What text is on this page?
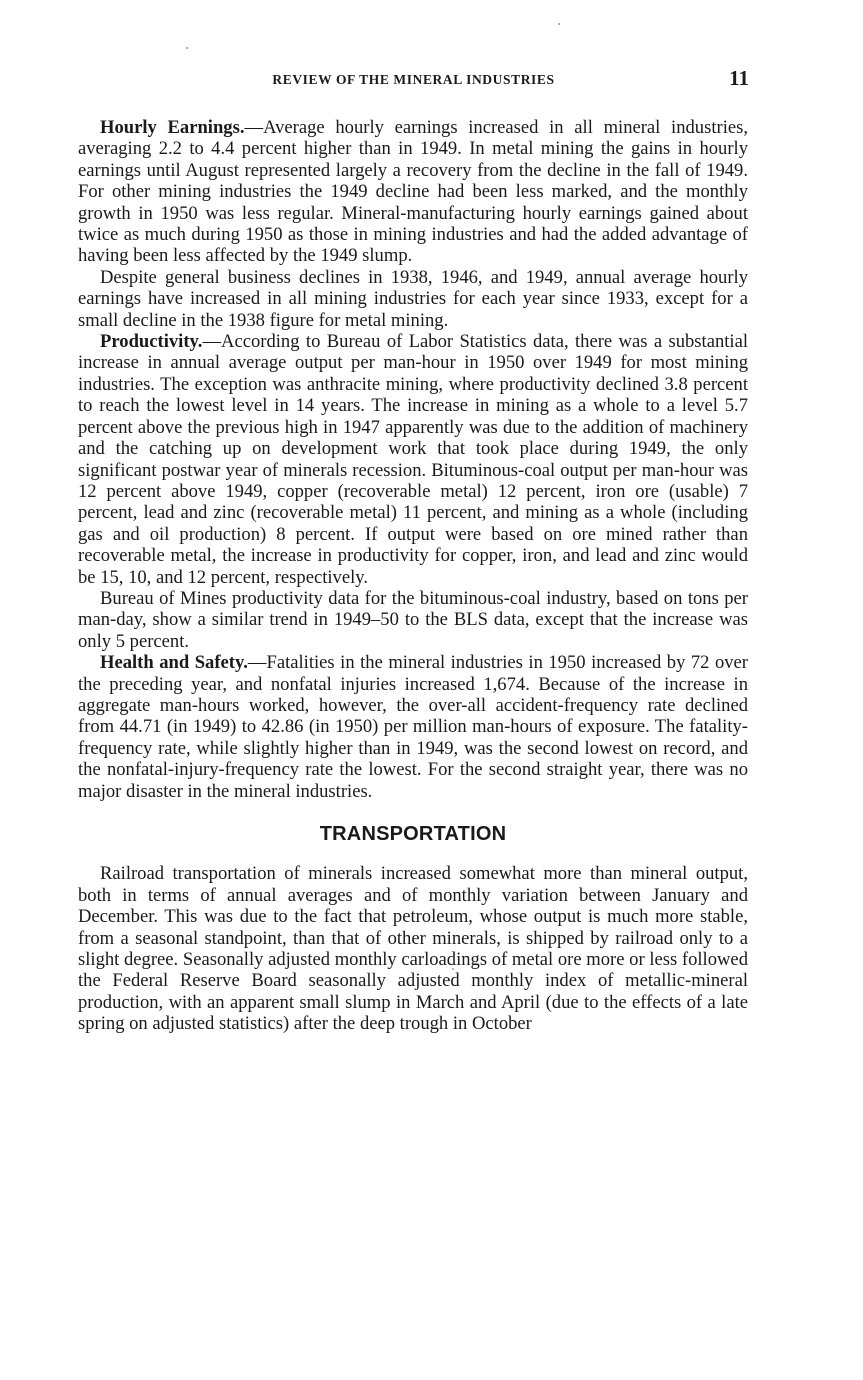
REVIEW OF THE MINERAL INDUSTRIES	11

Hourly Earnings.—Average hourly earnings increased in all mineral industries, averaging 2.2 to 4.4 percent higher than in 1949. In metal mining the gains in hourly earnings until August represented largely a recovery from the decline in the fall of 1949. For other mining industries the 1949 decline had been less marked, and the monthly growth in 1950 was less regular. Mineral-manufacturing hourly earnings gained about twice as much during 1950 as those in mining industries and had the added advantage of having been less affected by the 1949 slump.

Despite general business declines in 1938, 1946, and 1949, annual average hourly earnings have increased in all mining industries for each year since 1933, except for a small decline in the 1938 figure for metal mining.

Productivity.—According to Bureau of Labor Statistics data, there was a substantial increase in annual average output per man-hour in 1950 over 1949 for most mining industries. The exception was anthracite mining, where productivity declined 3.8 percent to reach the lowest level in 14 years. The increase in mining as a whole to a level 5.7 percent above the previous high in 1947 apparently was due to the addition of machinery and the catching up on development work that took place during 1949, the only significant postwar year of minerals recession. Bituminous-coal output per man-hour was 12 percent above 1949, copper (recoverable metal) 12 percent, iron ore (usable) 7 percent, lead and zinc (recoverable metal) 11 percent, and mining as a whole (including gas and oil production) 8 percent. If output were based on ore mined rather than recoverable metal, the increase in productivity for copper, iron, and lead and zinc would be 15, 10, and 12 percent, respectively.

Bureau of Mines productivity data for the bituminous-coal industry, based on tons per man-day, show a similar trend in 1949–50 to the BLS data, except that the increase was only 5 percent.

Health and Safety.—Fatalities in the mineral industries in 1950 increased by 72 over the preceding year, and nonfatal injuries increased 1,674. Because of the increase in aggregate man-hours worked, however, the over-all accident-frequency rate declined from 44.71 (in 1949) to 42.86 (in 1950) per million man-hours of exposure. The fatality-frequency rate, while slightly higher than in 1949, was the second lowest on record, and the nonfatal-injury-frequency rate the lowest. For the second straight year, there was no major disaster in the mineral industries.

TRANSPORTATION

Railroad transportation of minerals increased somewhat more than mineral output, both in terms of annual averages and of monthly variation between January and December. This was due to the fact that petroleum, whose output is much more stable, from a seasonal standpoint, than that of other minerals, is shipped by railroad only to a slight degree. Seasonally adjusted monthly carloadings of metal ore more or less followed the Federal Reserve Board seasonally adjusted monthly index of metallic-mineral production, with an apparent small slump in March and April (due to the effects of a late spring on adjusted statistics) after the deep trough in October
